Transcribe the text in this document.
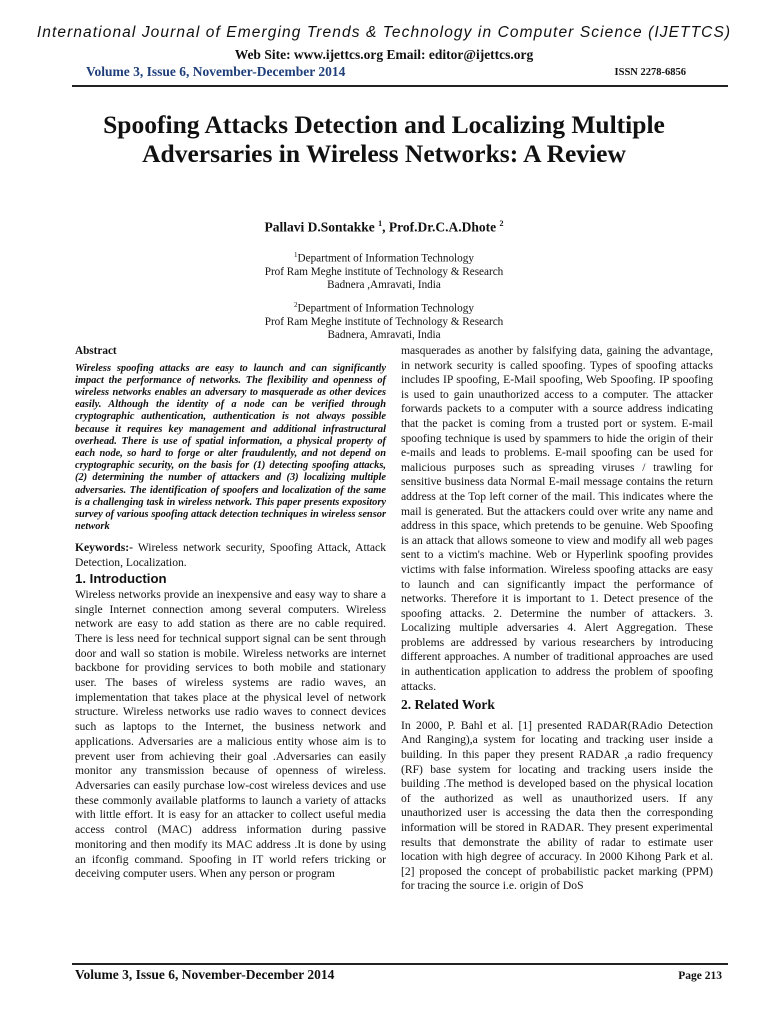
International Journal of Emerging Trends & Technology in Computer Science (IJETTCS)

Web Site: www.ijettcs.org Email: editor@ijettcs.org
Volume 3, Issue 6, November-December 2014	ISSN 2278-6856
Spoofing Attacks Detection and Localizing Multiple Adversaries in Wireless Networks: A Review
Pallavi D.Sontakke $^1$, Prof.Dr.C.A.Dhote $^2$
$^1$Department of Information Technology
Prof Ram Meghe institute of Technology & Research
Badnera ,Amravati, India
$^2$Department of Information Technology
Prof Ram Meghe institute of Technology & Research
Badnera, Amravati, India

Abstract

Wireless spoofing attacks are easy to launch and can significantly impact the performance of networks. The flexibility and openness of wireless networks enables an adversary to masquerade as other devices easily. Although the identity of a node can be verified through cryptographic authentication, authentication is not always possible because it requires key management and additional infrastructural overhead. There is use of spatial information, a physical property of each node, so hard to forge or alter fraudulently, and not depend on cryptographic security, on the basis for (1) detecting spoofing attacks, (2) determining the number of attackers and (3) localizing multiple adversaries. The identification of spoofers and localization of the same is a challenging task in wireless network. This paper presents expository survey of various spoofing attack detection techniques in wireless sensor network

Keywords:- Wireless network security, Spoofing Attack, Attack Detection, Localization.

1. Introduction

Wireless networks provide an inexpensive and easy way to share a single Internet connection among several computers. Wireless network are easy to add station as there are no cable required. There is less need for technical support signal can be sent through door and wall so station is mobile. Wireless networks are internet backbone for providing services to both mobile and stationary user. The bases of wireless systems are radio waves, an implementation that takes place at the physical level of network structure. Wireless networks use radio waves to connect devices such as laptops to the Internet, the business network and applications. Adversaries are a malicious entity whose aim is to prevent user from achieving their goal .Adversaries can easily monitor any transmission because of openness of wireless. Adversaries can easily purchase low-cost wireless devices and use these commonly available platforms to launch a variety of attacks with little effort. It is easy for an attacker to collect useful media access control (MAC) address information during passive monitoring and then modify its MAC address .It is done by using an ifconfig command. Spoofing in IT world refers tricking or deceiving computer users. When any person or program

masquerades as another by falsifying data, gaining the advantage, in network security is called spoofing. Types of spoofing attacks includes IP spoofing, E-Mail spoofing, Web Spoofing. IP spoofing is used to gain unauthorized access to a computer. The attacker forwards packets to a computer with a source address indicating that the packet is coming from a trusted port or system. E-mail spoofing technique is used by spammers to hide the origin of their e-mails and leads to problems. E-mail spoofing can be used for malicious purposes such as spreading viruses / trawling for sensitive business data Normal E-mail message contains the return address at the Top left corner of the mail. This indicates where the mail is generated. But the attackers could over write any name and address in this space, which pretends to be genuine. Web Spoofing is an attack that allows someone to view and modify all web pages sent to a victim's machine. Web or Hyperlink spoofing provides victims with false information. Wireless spoofing attacks are easy to launch and can significantly impact the performance of networks. Therefore it is important to 1. Detect presence of the spoofing attacks. 2. Determine the number of attackers. 3. Localizing multiple adversaries 4. Alert Aggregation. These problems are addressed by various researchers by introducing different approaches. A number of traditional approaches are used in authentication application to address the problem of spoofing attacks.

2. Related Work

In 2000, P. Bahl et al. [1] presented RADAR(RAdio Detection And Ranging),a system for locating and tracking user inside a building. In this paper they present RADAR ,a radio frequency (RF) base system for locating and tracking users inside the building .The method is developed based on the physical location of the authorized as well as unauthorized users. If any unauthorized user is accessing the data then the corresponding information will be stored in RADAR. They present experimental results that demonstrate the ability of radar to estimate user location with high degree of accuracy. In 2000 Kihong Park et al. [2] proposed the concept of probabilistic packet marking (PPM) for tracing the source i.e. origin of DoS

Volume 3, Issue 6, November-December 2014	Page 213
